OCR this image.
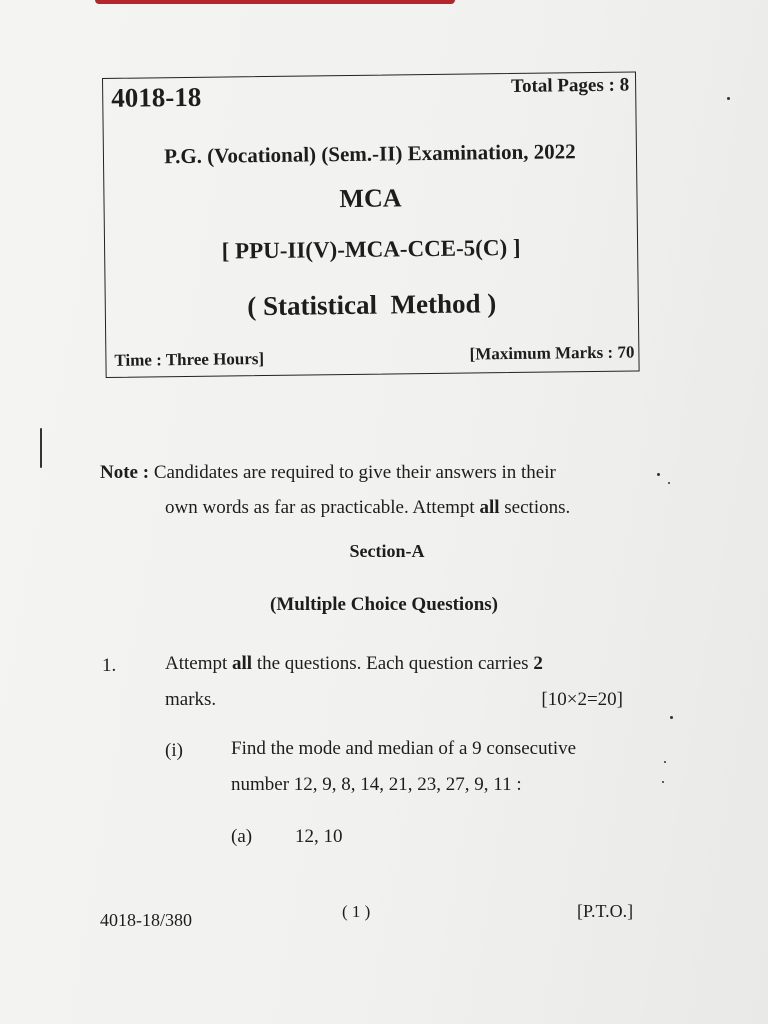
4018-18	Total Pages : 8
P.G. (Vocational) (Sem.-II) Examination, 2022
MCA
[ PPU-II(V)-MCA-CCE-5(C) ]
( Statistical  Method )
Time : Three Hours]	[Maximum Marks : 70
Note : Candidates are required to give their answers in their
own words as far as practicable. Attempt all sections.
Section-A
(Multiple Choice Questions)
1.	Attempt all the questions. Each question carries 2
marks.	[10×2=20]
(i)	Find the mode and median of a 9 consecutive
number 12, 9, 8, 14, 21, 23, 27, 9, 11 :
(a) 12, 10
4018-18/380	( 1 )	[P.T.O.]
